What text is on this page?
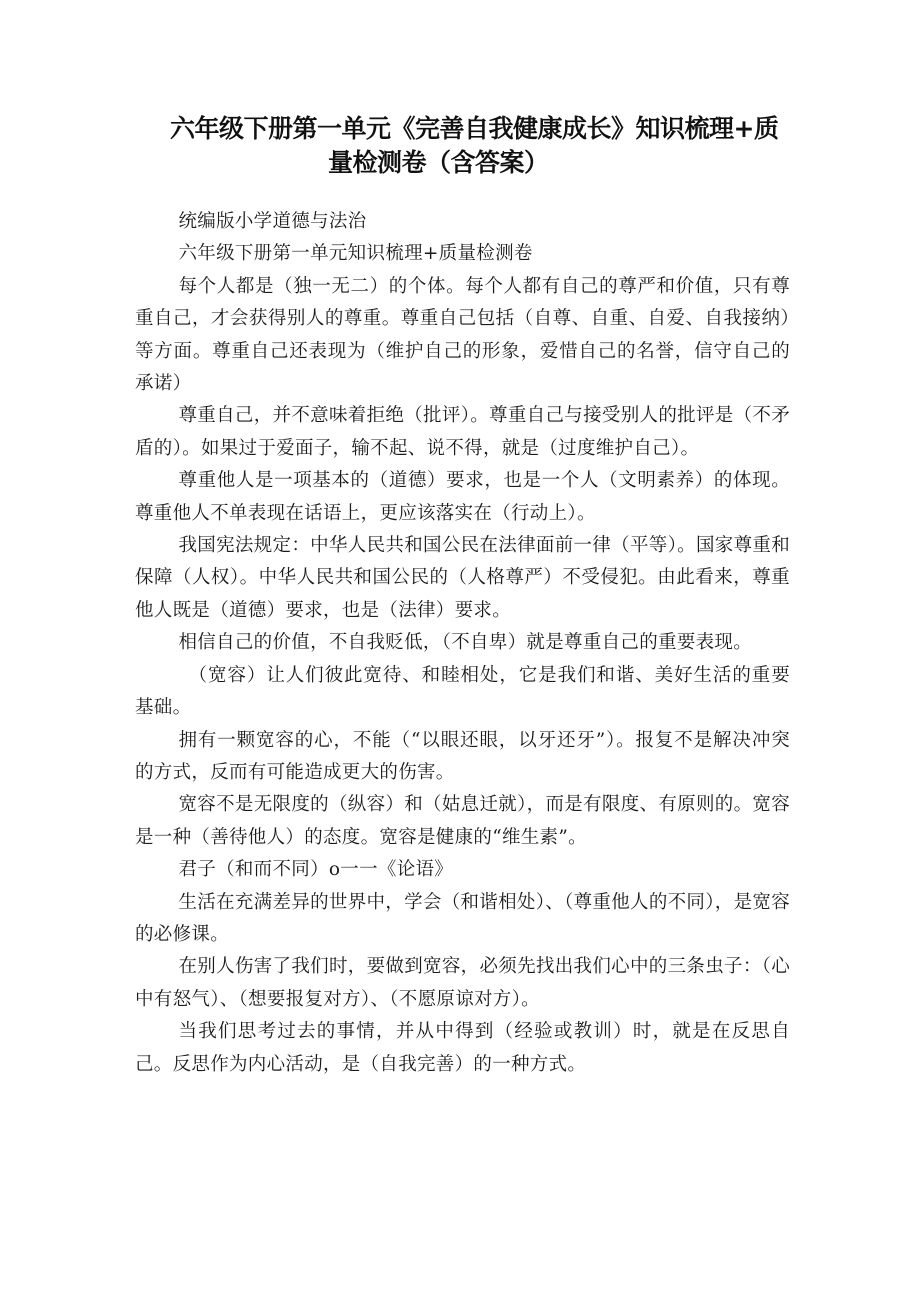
六年级下册第一单元《完善自我健康成长》知识梳理+质
量检测卷（含答案）

统编版小学道德与法治

六年级下册第一单元知识梳理+质量检测卷

每个人都是（独一无二）的个体。每个人都有自己的尊严和价值，只有尊重自己，才会获得别人的尊重。尊重自己包括（自尊、自重、自爱、自我接纳）等方面。尊重自己还表现为（维护自己的形象，爱惜自己的名誉，信守自己的承诺）

尊重自己，并不意味着拒绝（批评）。尊重自己与接受别人的批评是（不矛盾的）。如果过于爱面子，输不起、说不得，就是（过度维护自己）。

尊重他人是一项基本的（道德）要求，也是一个人（文明素养）的体现。尊重他人不单表现在话语上，更应该落实在（行动上）。

我国宪法规定：中华人民共和国公民在法律面前一律（平等）。国家尊重和保障（人权）。中华人民共和国公民的（人格尊严）不受侵犯。由此看来，尊重他人既是（道德）要求，也是（法律）要求。

相信自己的价值，不自我贬低，（不自卑）就是尊重自己的重要表现。

（宽容）让人们彼此宽待、和睦相处，它是我们和谐、美好生活的重要基础。

拥有一颗宽容的心，不能（“以眼还眼，以牙还牙”）。报复不是解决冲突的方式，反而有可能造成更大的伤害。

宽容不是无限度的（纵容）和（姑息迁就），而是有限度、有原则的。宽容是一种（善待他人）的态度。宽容是健康的“维生素”。

君子（和而不同）o一一《论语》

生活在充满差异的世界中，学会（和谐相处）、（尊重他人的不同），是宽容的必修课。

在别人伤害了我们时，要做到宽容，必须先找出我们心中的三条虫子：（心中有怒气）、（想要报复对方）、（不愿原谅对方）。

当我们思考过去的事情，并从中得到（经验或教训）时，就是在反思自己。反思作为内心活动，是（自我完善）的一种方式。
